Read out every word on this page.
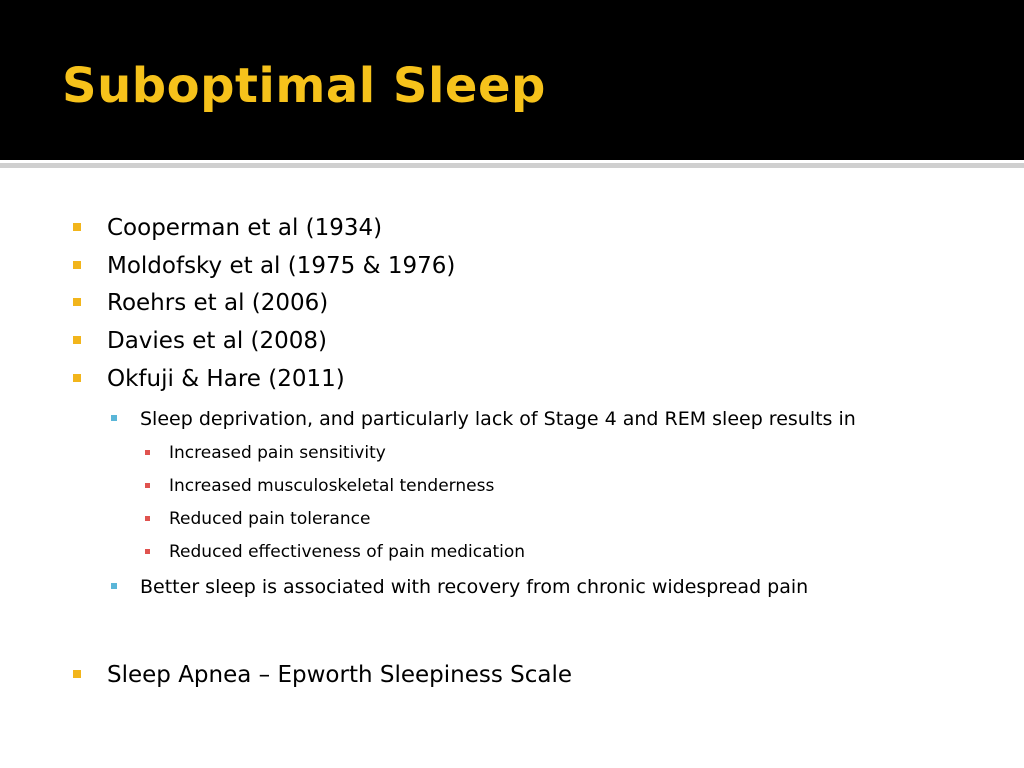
Suboptimal Sleep
Cooperman et al (1934)
Moldofsky et al (1975 & 1976)
Roehrs et al (2006)
Davies et al (2008)
Okfuji & Hare (2011)
Sleep deprivation, and particularly lack of Stage 4 and REM sleep results in
Increased pain sensitivity
Increased musculoskeletal tenderness
Reduced pain tolerance
Reduced effectiveness of pain medication
Better sleep is associated with recovery from chronic widespread pain
Sleep Apnea – Epworth Sleepiness Scale
